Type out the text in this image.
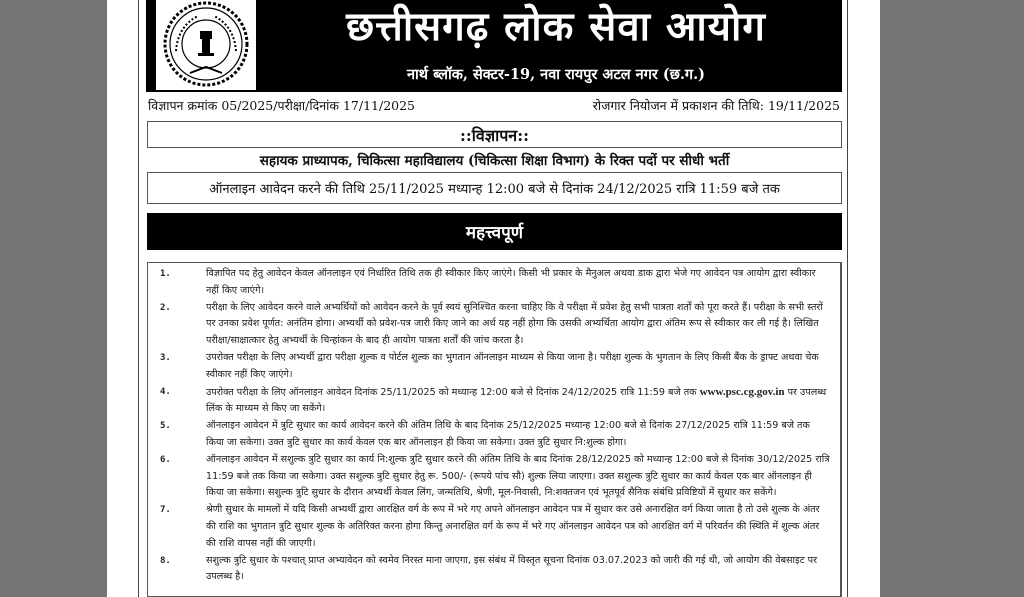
छत्तीसगढ़ लोक सेवा आयोग
नार्थ ब्लॉक, सेक्टर-19, नवा रायपुर अटल नगर (छ.ग.)
विज्ञापन क्रमांक 05/2025/परीक्षा/दिनांक 17/11/2025	रोजगार नियोजन में प्रकाशन की तिथि: 19/11/2025
::विज्ञापन::
सहायक प्राध्यापक, चिकित्सा महाविद्यालय (चिकित्सा शिक्षा विभाग) के रिक्त पदों पर सीधी भर्ती
ऑनलाइन आवेदन करने की तिथि 25/11/2025 मध्यान्ह 12:00 बजे से दिनांक 24/12/2025 रात्रि 11:59 बजे तक
महत्त्वपूर्ण
1.	विज्ञापित पद हेतु आवेदन केवल ऑनलाइन एवं निर्धारित तिथि तक ही स्वीकार किए जाएंगे। किसी भी प्रकार के मैनुअल अथवा डाक द्वारा भेजे गए आवेदन पत्र आयोग द्वारा स्वीकार नहीं किए जाएंगे।
2.	परीक्षा के लिए आवेदन करने वाले अभ्यर्थियों को आवेदन करने के पूर्व स्वयं सुनिश्चित करना चाहिए कि वे परीक्षा में प्रवेश हेतु सभी पात्रता शर्तों को पूरा करते हैं। परीक्षा के सभी स्तरों पर उनका प्रवेश पूर्णत: अनंतिम होगा। अभ्यर्थी को प्रवेश-पत्र जारी किए जाने का अर्थ यह नहीं होगा कि उसकी अभ्यर्थिता आयोग द्वारा अंतिम रूप से स्वीकार कर ली गई है। लिखित परीक्षा/साक्षात्कार हेतु अभ्यर्थी के चिन्हांकन के बाद ही आयोग पात्रता शर्तों की जांच करता है।
3.	उपरोक्त परीक्षा के लिए अभ्यर्थी द्वारा परीक्षा शुल्क व पोर्टल शुल्क का भुगतान ऑनलाइन माध्यम से किया जाना है। परीक्षा शुल्क के भुगतान के लिए किसी बैंक के ड्राफ्ट अथवा चेक स्वीकार नहीं किए जाएंगे।
4.	उपरोक्त परीक्षा के लिए ऑनलाइन आवेदन दिनांक 25/11/2025 को मध्यान्ह 12:00 बजे से दिनांक 24/12/2025 रात्रि 11:59 बजे तक www.psc.cg.gov.in पर उपलब्ध लिंक के माध्यम से किए जा सकेंगे।
5.	ऑनलाइन आवेदन में त्रुटि सुधार का कार्य आवेदन करने की अंतिम तिथि के बाद दिनांक 25/12/2025 मध्यान्ह 12:00 बजे से दिनांक 27/12/2025 रात्रि 11:59 बजे तक किया जा सकेगा। उक्त त्रुटि सुधार का कार्य केवल एक बार ऑनलाइन ही किया जा सकेगा। उक्त त्रुटि सुधार नि:शुल्क होगा।
6.	ऑनलाइन आवेदन में सशुल्क त्रुटि सुधार का कार्य नि:शुल्क त्रुटि सुधार करने की अंतिम तिथि के बाद दिनांक 28/12/2025 को मध्यान्ह 12:00 बजे से दिनांक 30/12/2025 रात्रि 11:59 बजे तक किया जा सकेगा। उक्त सशुल्क त्रुटि सुधार हेतु रू. 500/- (रूपये पांच सौ) शुल्क लिया जाएगा। उक्त सशुल्क त्रुटि सुधार का कार्य केवल एक बार ऑनलाइन ही किया जा सकेगा। सशुल्क त्रुटि सुधार के दौरान अभ्यर्थी केवल लिंग, जन्मतिथि, श्रेणी, मूल-निवासी, नि:शक्तजन एवं भूतपूर्व सैनिक संबंधि प्रविष्टियों में सुधार कर सकेंगे।
7.	श्रेणी सुधार के मामलों में यदि किसी अभ्यर्थी द्वारा आरक्षित वर्ग के रूप में भरे गए अपने ऑनलाइन आवेदन पत्र में सुधार कर उसे अनारक्षित वर्ग किया जाता है तो उसे शुल्क के अंतर की राशि का भुगतान त्रुटि सुधार शुल्क के अतिरिक्त करना होगा किन्तु अनारक्षित वर्ग के रूप में भरे गए ऑनलाइन आवेदन पत्र को आरक्षित वर्ग में परिवर्तन की स्थिति में शुल्क अंतर की राशि वापस नहीं की जाएगी।
8.	सशुल्क त्रुटि सुधार के पश्चात् प्राप्त अभ्यावेदन को स्वमेव निरस्त माना जाएगा, इस संबंध में विस्तृत सूचना दिनांक 03.07.2023 को जारी की गई थी, जो आयोग की वेबसाइट पर उपलब्ध है।
